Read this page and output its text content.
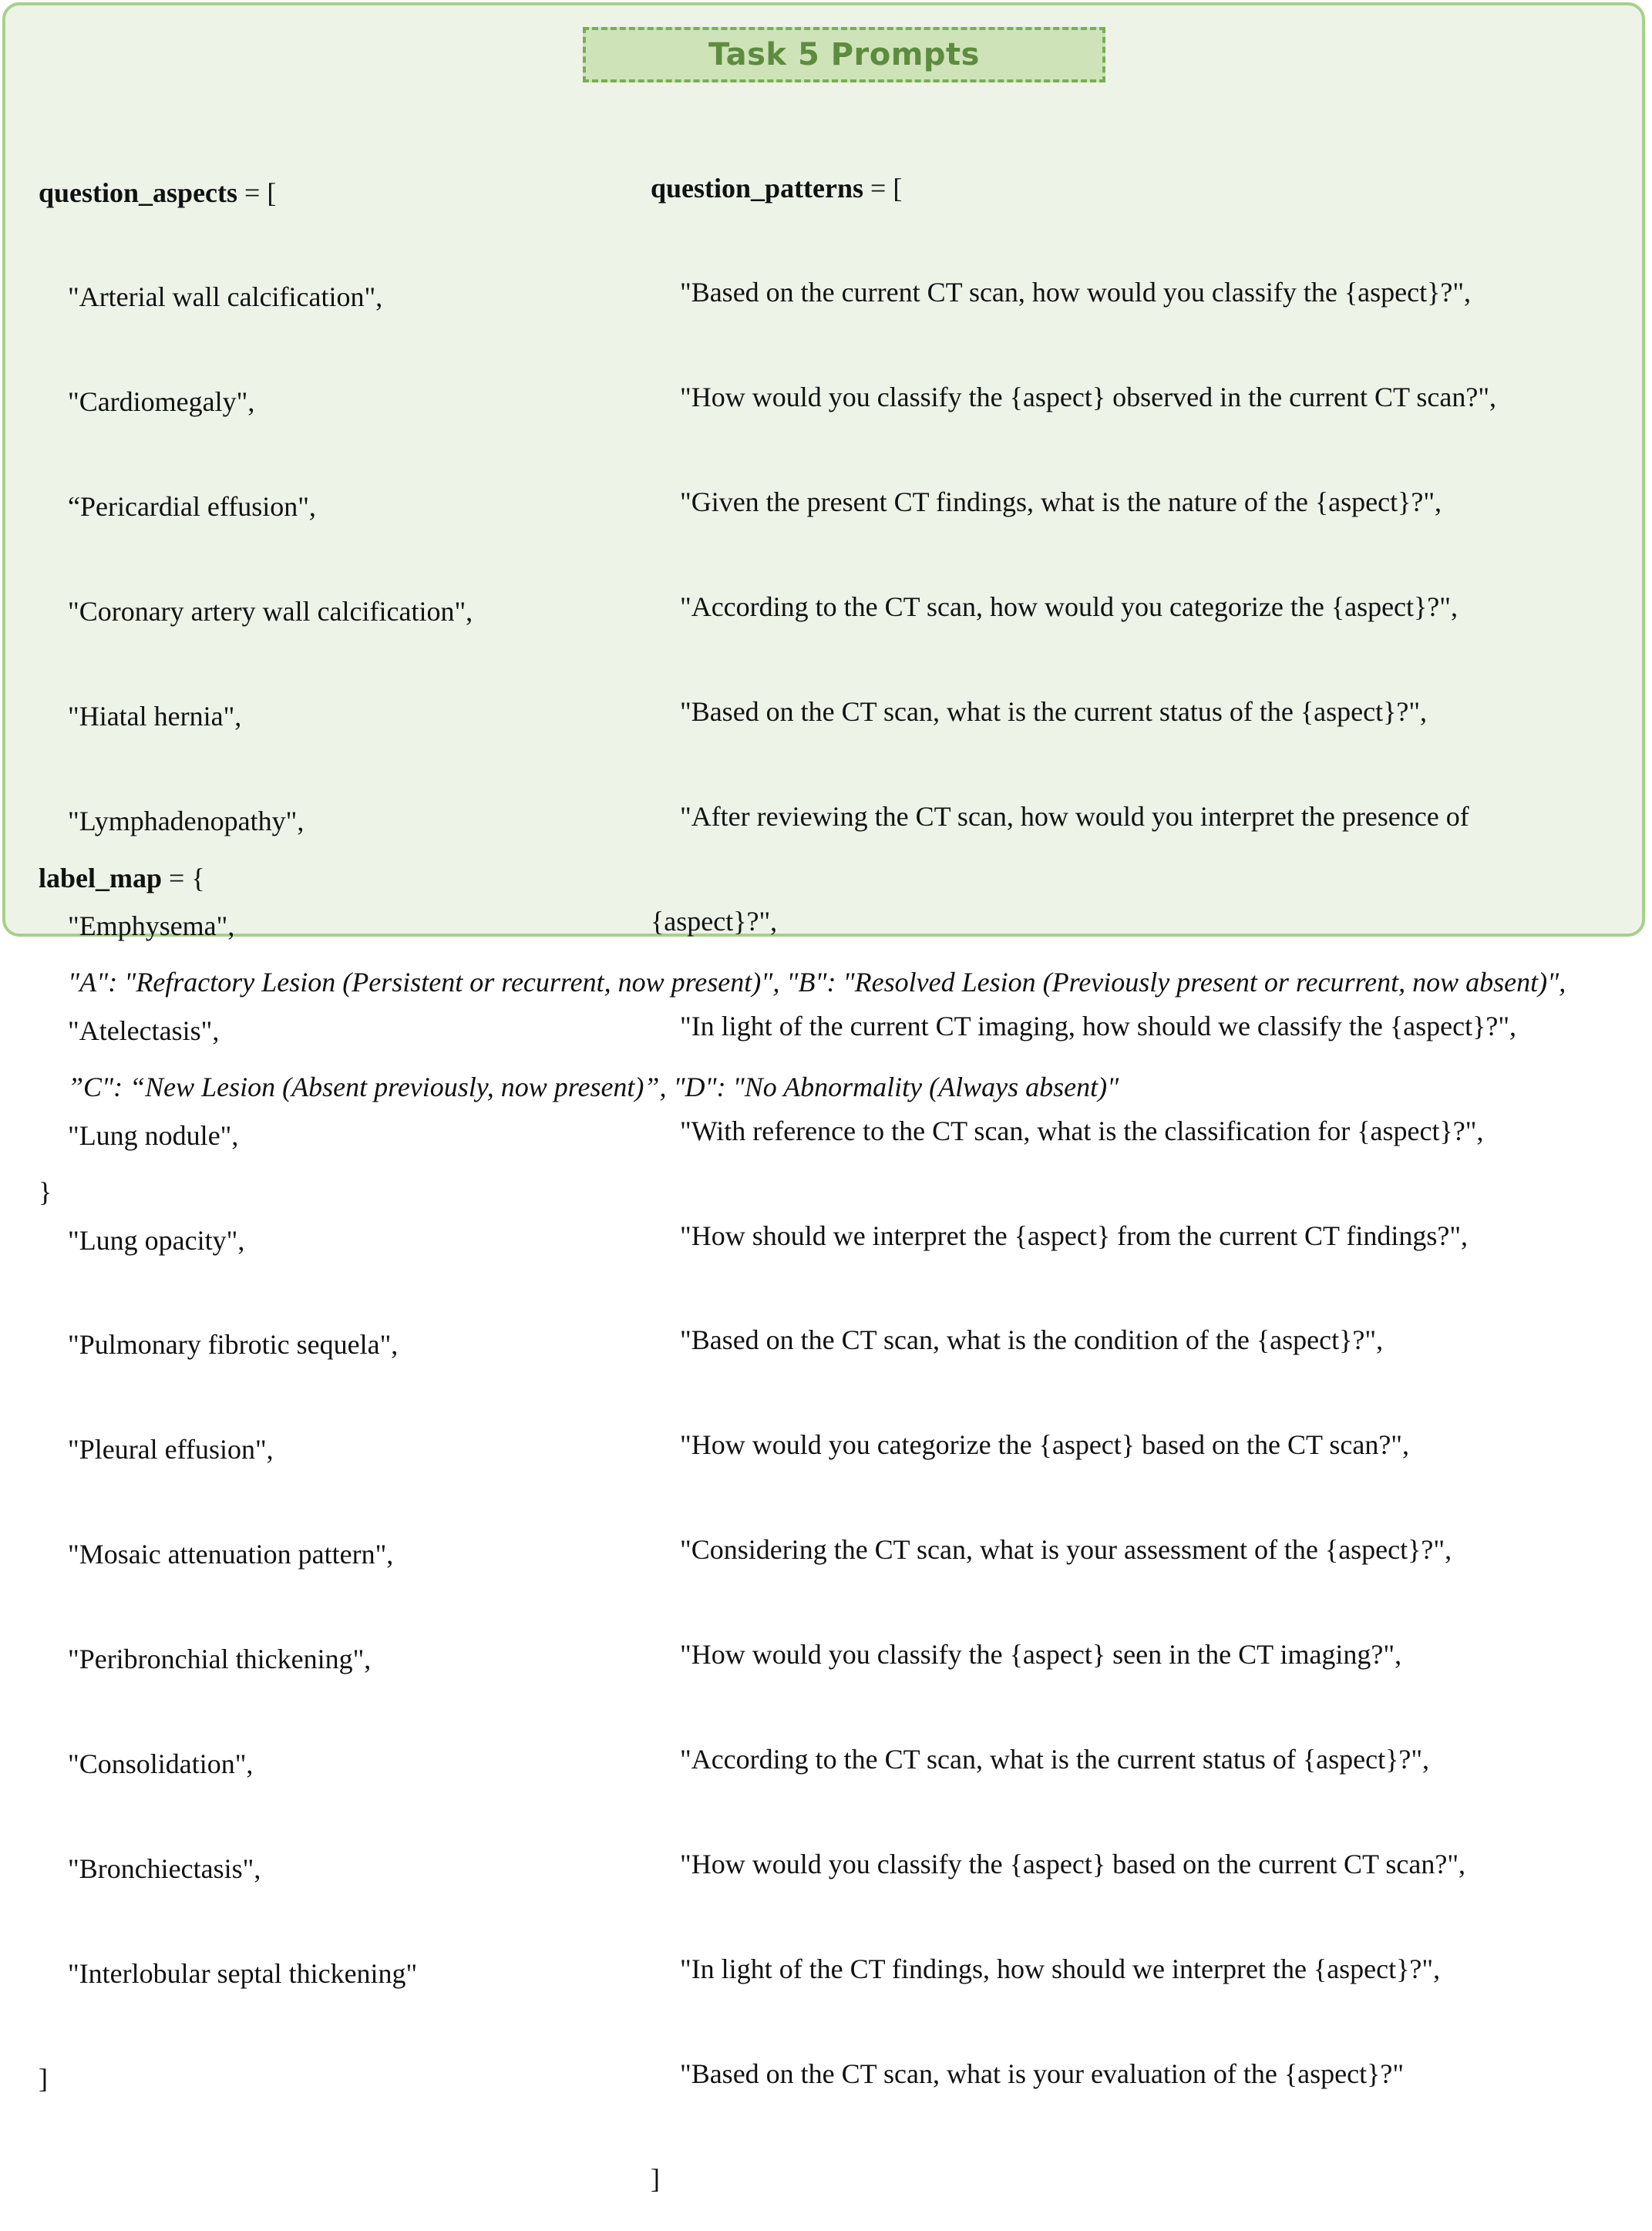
Task 5 Prompts

question_aspects = [

"Arterial wall calcification",

"Cardiomegaly",

“Pericardial effusion",

"Coronary artery wall calcification",

"Hiatal hernia",

"Lymphadenopathy",

"Emphysema",

"Atelectasis",

"Lung nodule",

"Lung opacity",

"Pulmonary fibrotic sequela",

"Pleural effusion",

"Mosaic attenuation pattern",

"Peribronchial thickening",

"Consolidation",

"Bronchiectasis",

"Interlobular septal thickening"

]

question_patterns = [

"Based on the current CT scan, how would you classify the {aspect}?",

"How would you classify the {aspect} observed in the current CT scan?",

"Given the present CT findings, what is the nature of the {aspect}?",

"According to the CT scan, how would you categorize the {aspect}?",

"Based on the CT scan, what is the current status of the {aspect}?",

"After reviewing the CT scan, how would you interpret the presence of

{aspect}?",

"In light of the current CT imaging, how should we classify the {aspect}?",

"With reference to the CT scan, what is the classification for {aspect}?",

"How should we interpret the {aspect} from the current CT findings?",

"Based on the CT scan, what is the condition of the {aspect}?",

"How would you categorize the {aspect} based on the CT scan?",

"Considering the CT scan, what is your assessment of the {aspect}?",

"How would you classify the {aspect} seen in the CT imaging?",

"According to the CT scan, what is the current status of {aspect}?",

"How would you classify the {aspect} based on the current CT scan?",

"In light of the CT findings, how should we interpret the {aspect}?",

"Based on the CT scan, what is your evaluation of the {aspect}?"

]

label_map = {

"A": "Refractory Lesion (Persistent or recurrent, now present)", "B": "Resolved Lesion (Previously present or recurrent, now absent)",

”C": “New Lesion (Absent previously, now present)”, "D": "No Abnormality (Always absent)"

}
